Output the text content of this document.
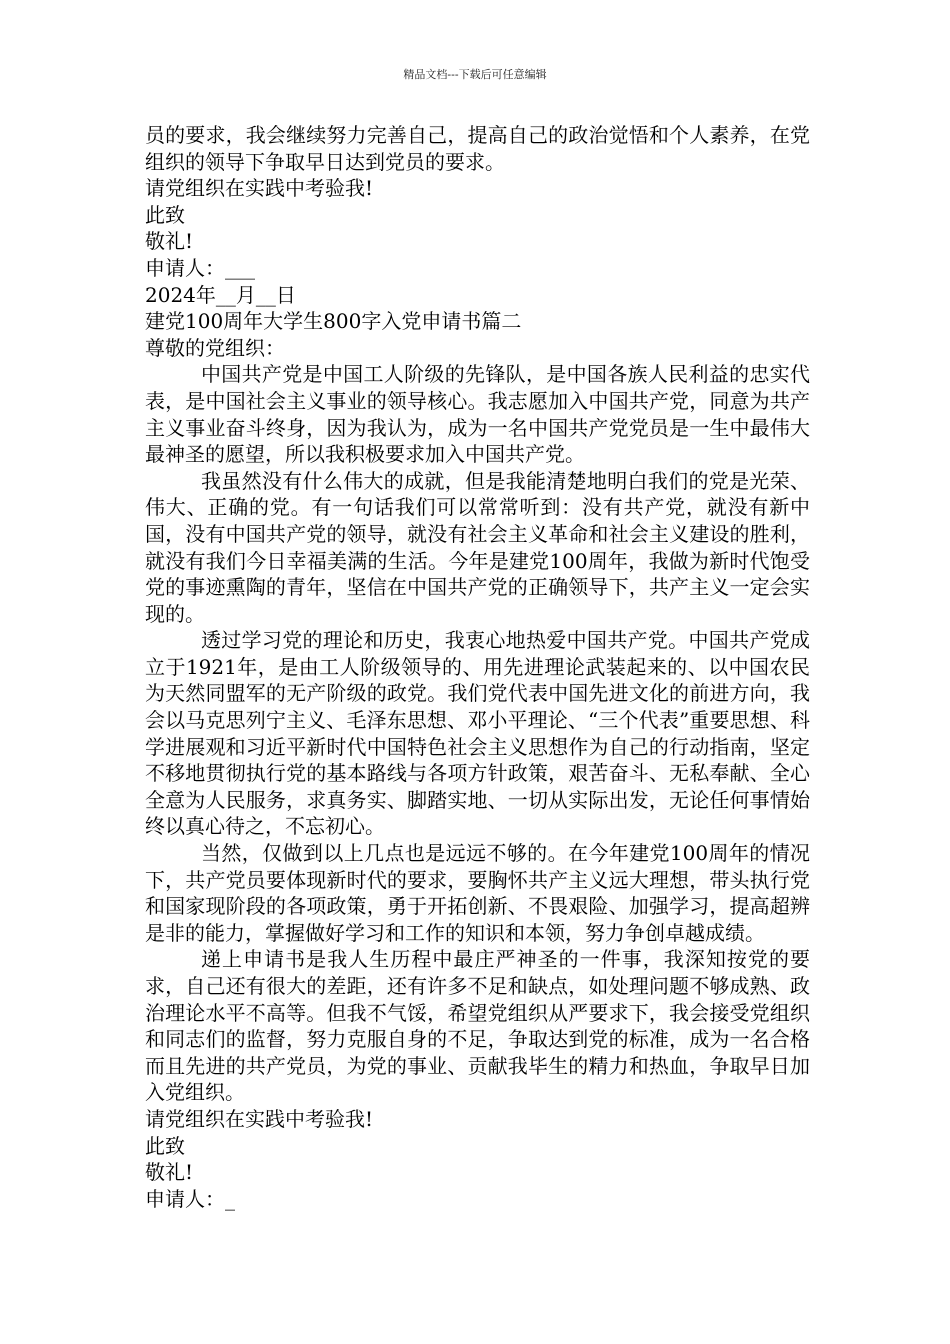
精品文档---下载后可任意编辑

员的要求，我会继续努力完善自己，提高自己的政治觉悟和个人素养，在党组织的领导下争取早日达到党员的要求。

请党组织在实践中考验我!

此致

敬礼!

申请人：___

2024年__月__日

建党100周年大学生800字入党申请书篇二

尊敬的党组织：

中国共产党是中国工人阶级的先锋队，是中国各族人民利益的忠实代表，是中国社会主义事业的领导核心。我志愿加入中国共产党，同意为共产主义事业奋斗终身，因为我认为，成为一名中国共产党党员是一生中最伟大最神圣的愿望，所以我积极要求加入中国共产党。

我虽然没有什么伟大的成就，但是我能清楚地明白我们的党是光荣、伟大、正确的党。有一句话我们可以常常听到：没有共产党，就没有新中国，没有中国共产党的领导，就没有社会主义革命和社会主义建设的胜利，就没有我们今日幸福美满的生活。今年是建党100周年，我做为新时代饱受党的事迹熏陶的青年，坚信在中国共产党的正确领导下，共产主义一定会实现的。

透过学习党的理论和历史，我衷心地热爱中国共产党。中国共产党成立于1921年，是由工人阶级领导的、用先进理论武装起来的、以中国农民为天然同盟军的无产阶级的政党。我们党代表中国先进文化的前进方向，我会以马克思列宁主义、毛泽东思想、邓小平理论、“三个代表”重要思想、科学进展观和习近平新时代中国特色社会主义思想作为自己的行动指南，坚定不移地贯彻执行党的基本路线与各项方针政策，艰苦奋斗、无私奉献、全心全意为人民服务，求真务实、脚踏实地、一切从实际出发，无论任何事情始终以真心待之，不忘初心。

当然，仅做到以上几点也是远远不够的。在今年建党100周年的情况下，共产党员要体现新时代的要求，要胸怀共产主义远大理想，带头执行党和国家现阶段的各项政策，勇于开拓创新、不畏艰险、加强学习，提高超辨是非的能力，掌握做好学习和工作的知识和本领，努力争创卓越成绩。

递上申请书是我人生历程中最庄严神圣的一件事，我深知按党的要求，自己还有很大的差距，还有许多不足和缺点，如处理问题不够成熟、政治理论水平不高等。但我不气馁，希望党组织从严要求下，我会接受党组织和同志们的监督，努力克服自身的不足，争取达到党的标准，成为一名合格而且先进的共产党员，为党的事业、贡献我毕生的精力和热血，争取早日加入党组织。

请党组织在实践中考验我!

此致

敬礼!

申请人：_
